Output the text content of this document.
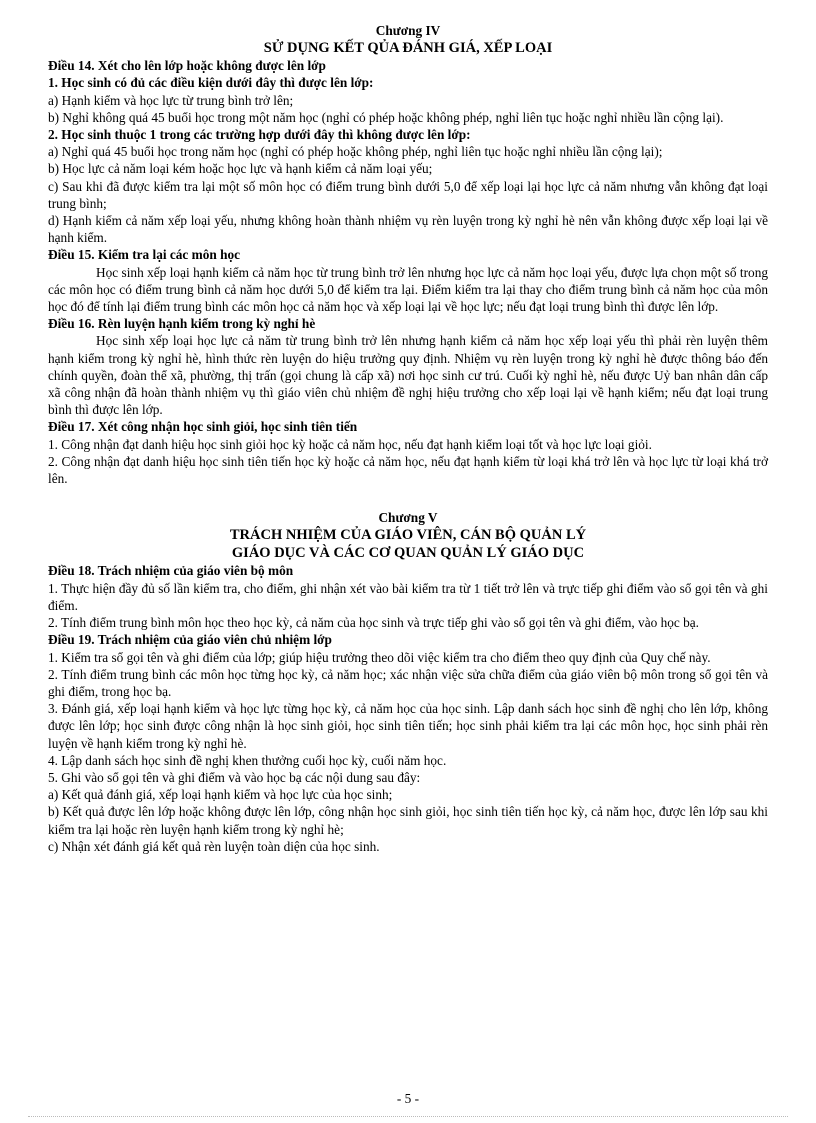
Chương IV
SỬ DỤNG KẾT QỦA ĐÁNH GIÁ, XẾP LOẠI
Điều 14. Xét cho lên lớp hoặc không được lên lớp
1. Học sinh có đủ các điều kiện dưới đây thì được lên lớp:

a) Hạnh kiểm và học lực từ trung bình trở lên;

b) Nghỉ không quá 45 buổi học trong một năm học (nghỉ có phép hoặc không phép, nghỉ liên tục hoặc nghỉ nhiều lần cộng lại).

2. Học sinh thuộc 1 trong các trường hợp dưới đây thì không được lên lớp:

a) Nghỉ quá 45 buổi học trong năm học (nghỉ có phép hoặc không phép, nghỉ liên tục hoặc nghỉ nhiều lần cộng lại);

b) Học lực cả năm loại kém hoặc học lực và hạnh kiểm cả năm loại yếu;

c) Sau khi đã được kiểm tra lại một số môn học có điểm trung bình dưới 5,0 để xếp loại lại học lực cả năm nhưng vẫn không đạt loại trung bình;

d) Hạnh kiểm cả năm xếp loại yếu, nhưng không hoàn thành nhiệm vụ rèn luyện trong kỳ nghỉ hè nên vẫn không được xếp loại lại về hạnh kiểm.

Điều 15. Kiểm tra lại các môn học

Học sinh xếp loại hạnh kiểm cả năm học từ trung bình trở lên nhưng học lực cả năm học loại yếu, được lựa chọn một số trong các môn học có điểm trung bình cả năm học dưới 5,0 để kiểm tra lại. Điểm kiểm tra lại thay cho điểm trung bình cả năm học của môn học đó để tính lại điểm trung bình các môn học cả năm học và xếp loại lại về học lực; nếu đạt loại trung bình thì được lên lớp.

Điều 16. Rèn luyện hạnh kiểm trong kỳ nghỉ hè

Học sinh xếp loại học lực cả năm từ trung bình trở lên nhưng hạnh kiểm cả năm học xếp loại yếu thì phải rèn luyện thêm hạnh kiểm trong kỳ nghỉ hè, hình thức rèn luyện do hiệu trưởng quy định. Nhiệm vụ rèn luyện trong kỳ nghỉ hè được thông báo đến chính quyền, đoàn thể xã, phường, thị trấn (gọi chung là cấp xã) nơi học sinh cư trú. Cuối kỳ nghỉ hè, nếu được Uỷ ban nhân dân cấp xã công nhận đã hoàn thành nhiệm vụ thì giáo viên chủ nhiệm đề nghị hiệu trưởng cho xếp loại lại về hạnh kiểm; nếu đạt loại trung bình thì được lên lớp.

Điều 17. Xét công nhận học sinh giỏi, học sinh tiên tiến

1. Công nhận đạt danh hiệu học sinh giỏi học kỳ hoặc cả năm học, nếu đạt hạnh kiểm loại tốt và học lực loại giỏi.

2. Công nhận đạt danh hiệu học sinh tiên tiến học kỳ hoặc cả năm học, nếu đạt hạnh kiểm từ loại khá trở lên và học lực từ loại khá trở lên.

Chương V
TRÁCH NHIỆM CỦA GIÁO VIÊN, CÁN BỘ QUẢN LÝ
GIÁO DỤC VÀ CÁC CƠ QUAN QUẢN LÝ GIÁO DỤC
Điều 18. Trách nhiệm của giáo viên bộ môn

1. Thực hiện đầy đủ số lần kiểm tra, cho điểm, ghi nhận xét vào bài kiểm tra từ 1 tiết trở lên và trực tiếp ghi điểm vào sổ gọi tên và ghi điểm.

2. Tính điểm trung bình môn học theo học kỳ, cả năm của học sinh và trực tiếp ghi vào sổ gọi tên và ghi điểm, vào học bạ.

Điều 19. Trách nhiệm của giáo viên chủ nhiệm lớp

1. Kiểm tra sổ gọi tên và ghi điểm của lớp; giúp hiệu trưởng theo dõi việc kiểm tra cho điểm theo quy định của Quy chế này.

2. Tính điểm trung bình các môn học từng học kỳ, cả năm học; xác nhận việc sửa chữa điểm của giáo viên bộ môn trong sổ gọi tên và ghi điểm, trong học bạ.

3. Đánh giá, xếp loại hạnh kiểm và học lực từng học kỳ, cả năm học của học sinh. Lập danh sách học sinh đề nghị cho lên lớp, không được lên lớp; học sinh được công nhận là học sinh giỏi, học sinh tiên tiến; học sinh phải kiểm tra lại các môn học, học sinh phải rèn luyện về hạnh kiểm trong kỳ nghỉ hè.

4. Lập danh sách học sinh đề nghị khen thưởng cuối học kỳ, cuối năm học.

5. Ghi vào sổ gọi tên và ghi điểm và vào học bạ các nội dung sau đây:

a) Kết quả đánh giá, xếp loại hạnh kiểm và học lực của học sinh;

b) Kết quả được lên lớp hoặc không được lên lớp, công nhận học sinh giỏi, học sinh tiên tiến học kỳ, cả năm học, được lên lớp sau khi kiểm tra lại hoặc rèn luyện hạnh kiểm trong kỳ nghỉ hè;

c) Nhận xét đánh giá kết quả rèn luyện toàn diện của học sinh.

- 5 -
